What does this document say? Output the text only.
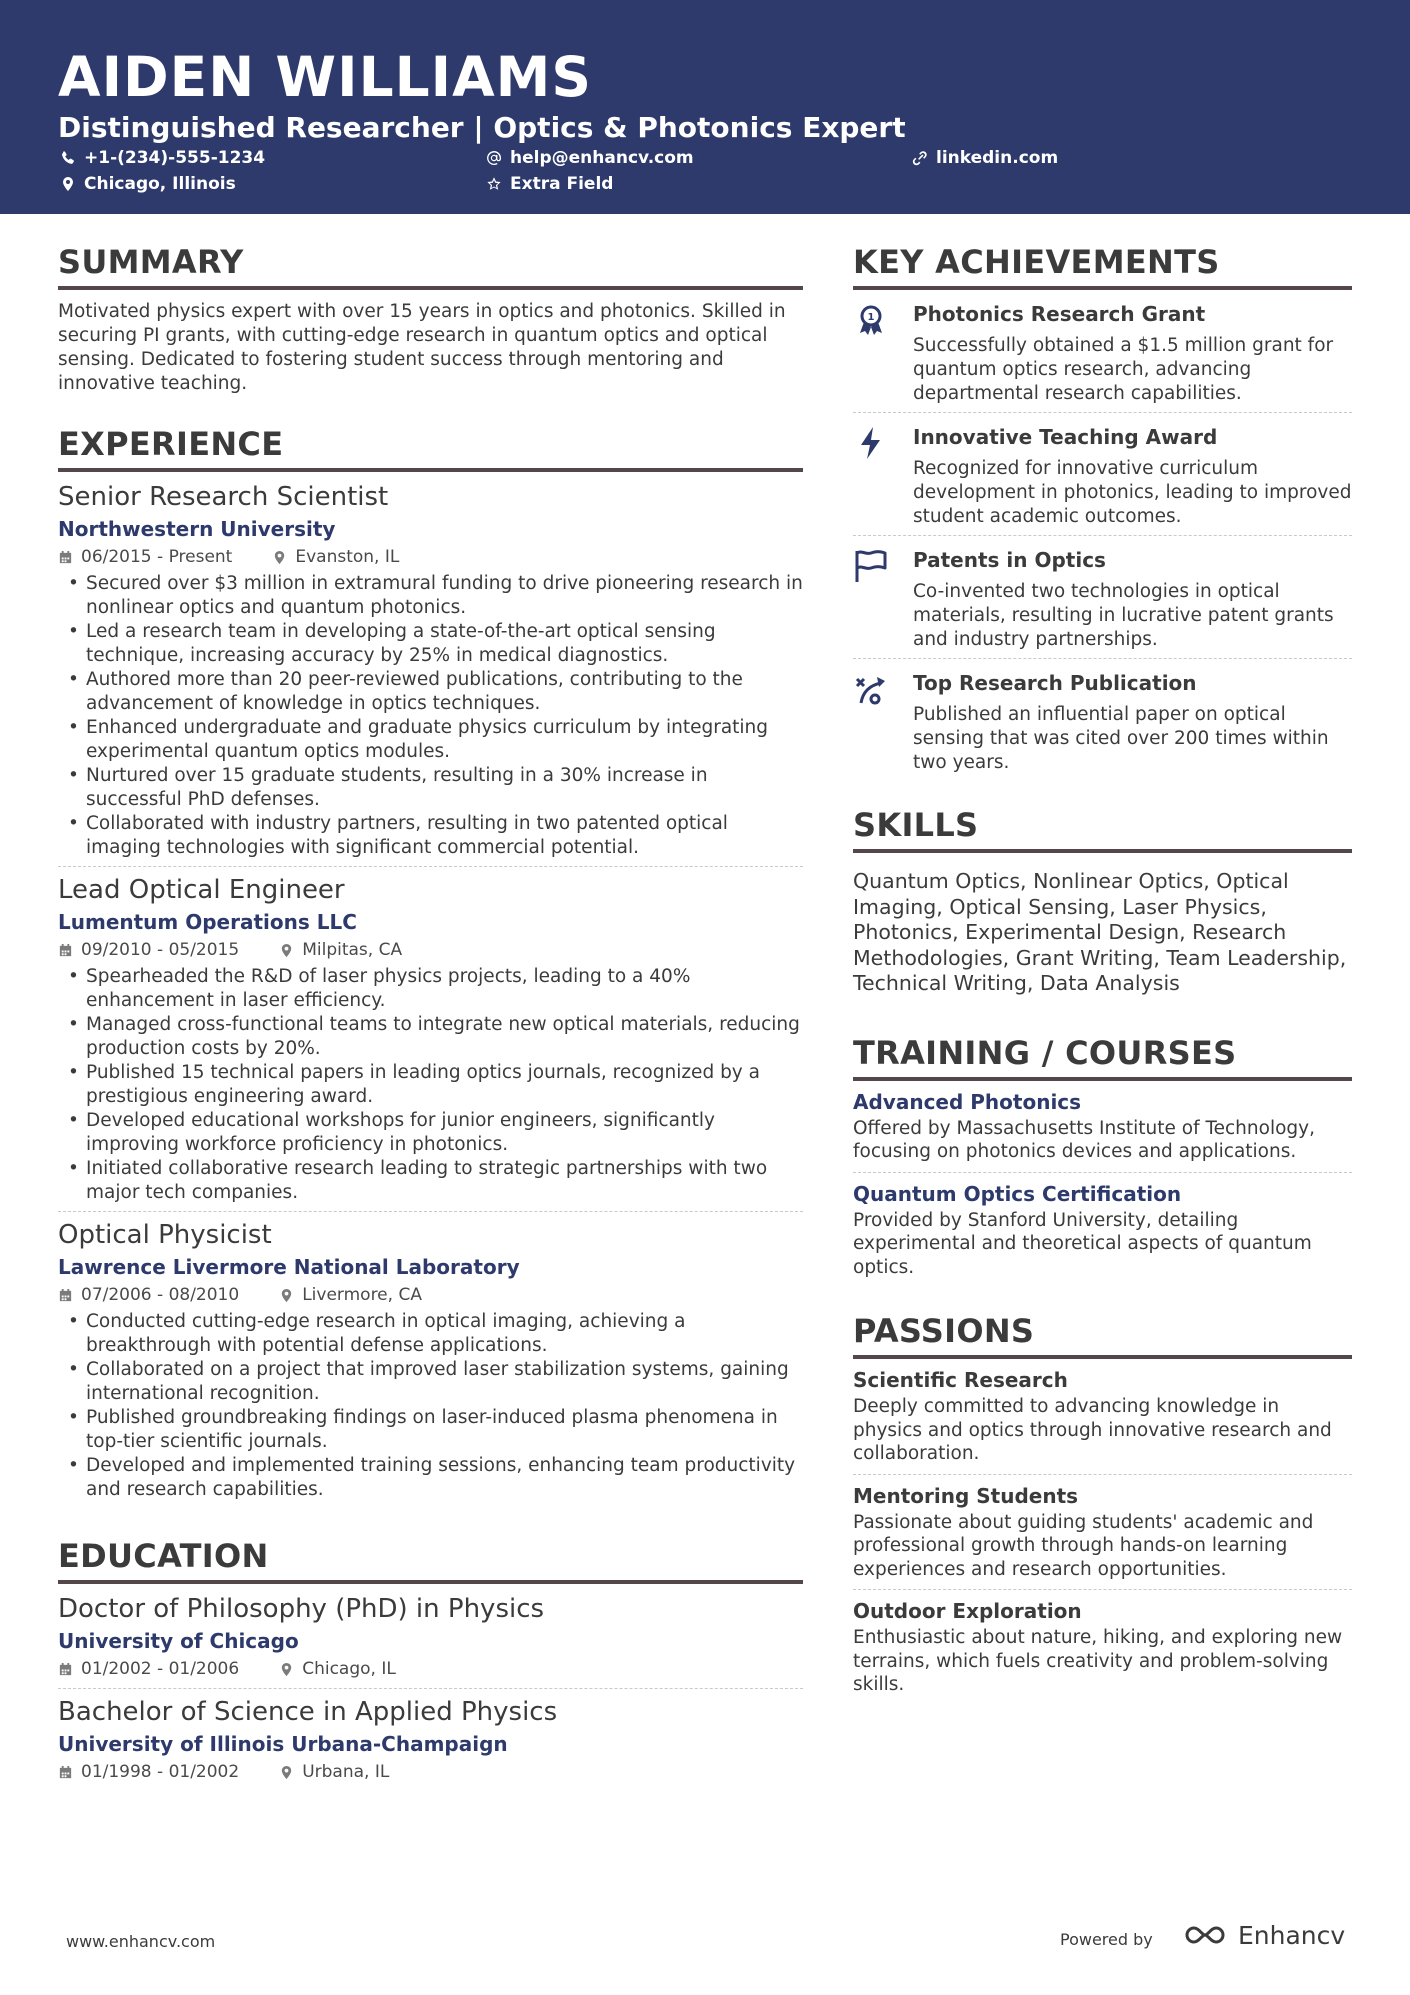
AIDEN WILLIAMS
Distinguished Researcher | Optics & Photonics Expert
+1-(234)-555-1234	help@enhancv.com	linkedin.com
Chicago, Illinois	Extra Field
SUMMARY

Motivated physics expert with over 15 years in optics and photonics. Skilled in securing PI grants, with cutting-edge research in quantum optics and optical sensing. Dedicated to fostering student success through mentoring and innovative teaching.

EXPERIENCE
Senior Research Scientist
Northwestern University
06/2015 - Present	Evanston, IL
• Secured over $3 million in extramural funding to drive pioneering research in nonlinear optics and quantum photonics.
• Led a research team in developing a state-of-the-art optical sensing technique, increasing accuracy by 25% in medical diagnostics.
• Authored more than 20 peer-reviewed publications, contributing to the advancement of knowledge in optics techniques.
• Enhanced undergraduate and graduate physics curriculum by integrating experimental quantum optics modules.
• Nurtured over 15 graduate students, resulting in a 30% increase in successful PhD defenses.
• Collaborated with industry partners, resulting in two patented optical imaging technologies with significant commercial potential.
Lead Optical Engineer
Lumentum Operations LLC
09/2010 - 05/2015	Milpitas, CA
• Spearheaded the R&D of laser physics projects, leading to a 40% enhancement in laser efficiency.
• Managed cross-functional teams to integrate new optical materials, reducing production costs by 20%.
• Published 15 technical papers in leading optics journals, recognized by a prestigious engineering award.
• Developed educational workshops for junior engineers, significantly improving workforce proficiency in photonics.
• Initiated collaborative research leading to strategic partnerships with two major tech companies.
Optical Physicist
Lawrence Livermore National Laboratory
07/2006 - 08/2010	Livermore, CA
• Conducted cutting-edge research in optical imaging, achieving a breakthrough with potential defense applications.
• Collaborated on a project that improved laser stabilization systems, gaining international recognition.
• Published groundbreaking findings on laser-induced plasma phenomena in top-tier scientific journals.
• Developed and implemented training sessions, enhancing team productivity and research capabilities.
EDUCATION
Doctor of Philosophy (PhD) in Physics
University of Chicago
01/2002 - 01/2006	Chicago, IL
Bachelor of Science in Applied Physics
University of Illinois Urbana-Champaign
01/1998 - 01/2002	Urbana, IL
KEY ACHIEVEMENTS
1 Photonics Research Grant
Successfully obtained a $1.5 million grant for quantum optics research, advancing departmental research capabilities.
Innovative Teaching Award
Recognized for innovative curriculum development in photonics, leading to improved student academic outcomes.
Patents in Optics
Co-invented two technologies in optical materials, resulting in lucrative patent grants and industry partnerships.
Top Research Publication
Published an influential paper on optical sensing that was cited over 200 times within two years.
SKILLS

Quantum Optics, Nonlinear Optics, Optical Imaging, Optical Sensing, Laser Physics, Photonics, Experimental Design, Research Methodologies, Grant Writing, Team Leadership, Technical Writing, Data Analysis

TRAINING / COURSES
Advanced Photonics
Offered by Massachusetts Institute of Technology, focusing on photonics devices and applications.
Quantum Optics Certification
Provided by Stanford University, detailing experimental and theoretical aspects of quantum optics.
PASSIONS
Scientific Research
Deeply committed to advancing knowledge in physics and optics through innovative research and collaboration.
Mentoring Students
Passionate about guiding students' academic and professional growth through hands-on learning experiences and research opportunities.
Outdoor Exploration
Enthusiastic about nature, hiking, and exploring new terrains, which fuels creativity and problem-solving skills.
www.enhancv.com	Powered by	Enhancv
